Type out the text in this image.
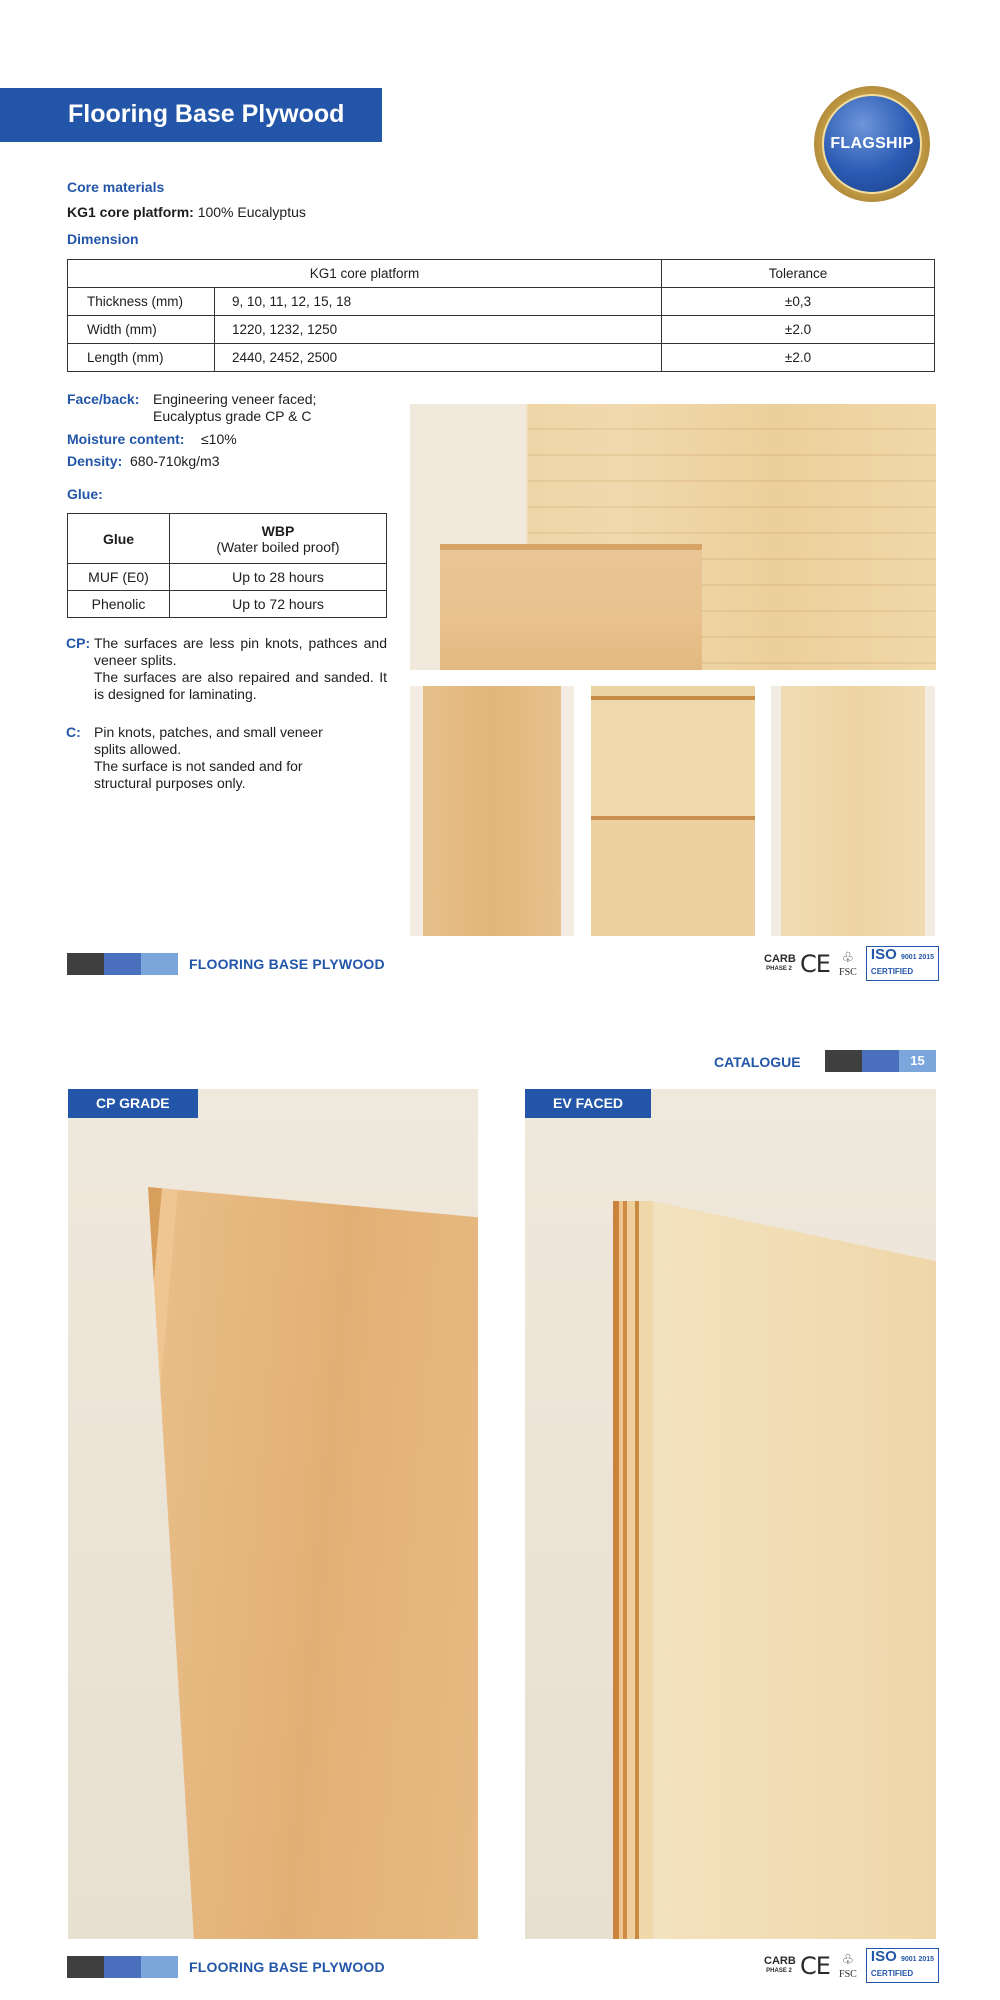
Flooring Base Plywood
FLAGSHIP
Core materials
KG1 core platform: 100% Eucalyptus
Dimension
KG1 core platform		Tolerance
Thickness (mm)	9, 10, 11, 12, 15, 18	±0,3
Width (mm)	1220, 1232, 1250	±2.0
Length (mm)	2440, 2452, 2500	±2.0
Face/back: Engineering veneer faced;
Eucalyptus grade CP & C
Moisture content: ≤10%
Density: 680-710kg/m3
Glue:
Glue	WBP
(Water boiled proof)

MUF (E0)	Up to 28 hours
Phenolic	Up to 72 hours
CP: The surfaces are less pin knots, pathces and veneer splits.
The surfaces are also repaired and sanded. It is designed for laminating.
C: Pin knots, patches, and small veneer splits allowed.
The surface is not sanded and for structural purposes only.
FLOORING BASE PLYWOOD	CARB
PHASE 2 CE ♧
FSC
ISO 9001 2015
CERTIFIED
CATALOGUE	15
CP GRADE	EV FACED
FLOORING BASE PLYWOOD	CARB
PHASE 2 CE ♧
FSC
ISO 9001 2015
CERTIFIED
